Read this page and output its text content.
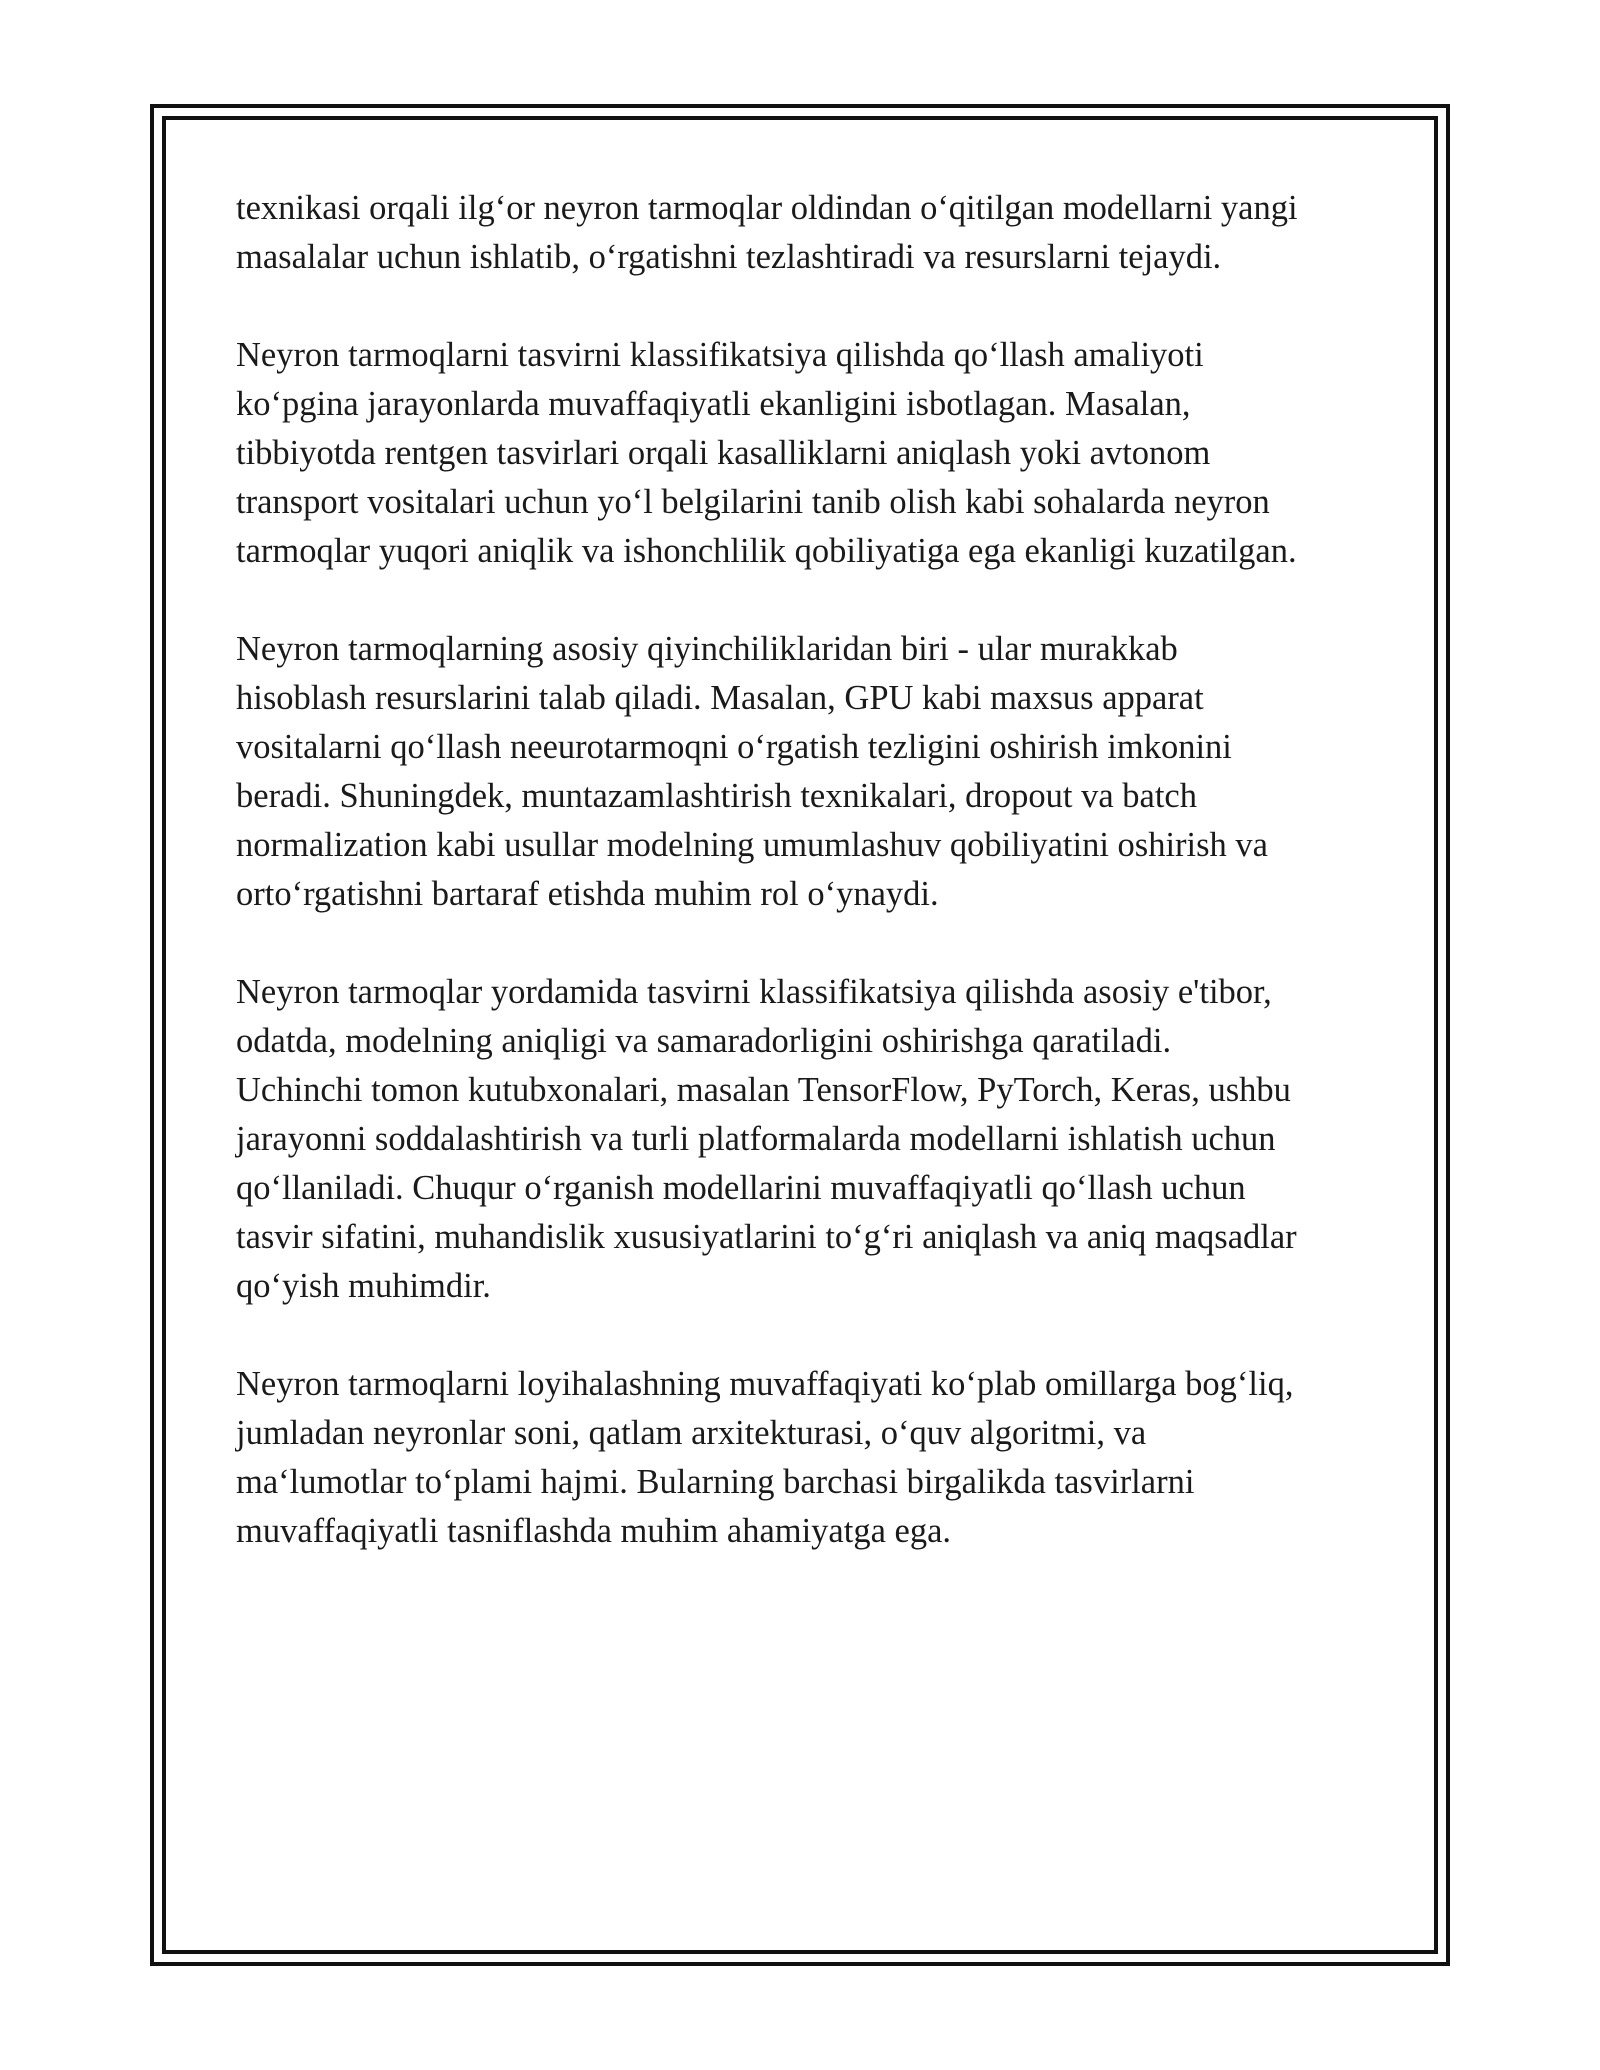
texnikasi orqali ilgʻor neyron tarmoqlar oldindan oʻqitilgan modellarni yangi
masalalar uchun ishlatib, oʻrgatishni tezlashtiradi va resurslarni tejaydi.

Neyron tarmoqlarni tasvirni klassifikatsiya qilishda qoʻllash amaliyoti
koʻpgina jarayonlarda muvaffaqiyatli ekanligini isbotlagan. Masalan,
tibbiyotda rentgen tasvirlari orqali kasalliklarni aniqlash yoki avtonom
transport vositalari uchun yoʻl belgilarini tanib olish kabi sohalarda neyron
tarmoqlar yuqori aniqlik va ishonchlilik qobiliyatiga ega ekanligi kuzatilgan.

Neyron tarmoqlarning asosiy qiyinchiliklaridan biri - ular murakkab
hisoblash resurslarini talab qiladi. Masalan, GPU kabi maxsus apparat
vositalarni qoʻllash neeurotarmoqni oʻrgatish tezligini oshirish imkonini
beradi. Shuningdek, muntazamlashtirish texnikalari, dropout va batch
normalization kabi usullar modelning umumlashuv qobiliyatini oshirish va
ortoʻrgatishni bartaraf etishda muhim rol oʻynaydi.

Neyron tarmoqlar yordamida tasvirni klassifikatsiya qilishda asosiy e'tibor,
odatda, modelning aniqligi va samaradorligini oshirishga qaratiladi.
Uchinchi tomon kutubxonalari, masalan TensorFlow, PyTorch, Keras, ushbu
jarayonni soddalashtirish va turli platformalarda modellarni ishlatish uchun
qoʻllaniladi. Chuqur oʻrganish modellarini muvaffaqiyatli qoʻllash uchun
tasvir sifatini, muhandislik xususiyatlarini toʻgʻri aniqlash va aniq maqsadlar
qoʻyish muhimdir.

Neyron tarmoqlarni loyihalashning muvaffaqiyati koʻplab omillarga bogʻliq,
jumladan neyronlar soni, qatlam arxitekturasi, oʻquv algoritmi, va
maʻlumotlar toʻplami hajmi. Bularning barchasi birgalikda tasvirlarni
muvaffaqiyatli tasniflashda muhim ahamiyatga ega.
